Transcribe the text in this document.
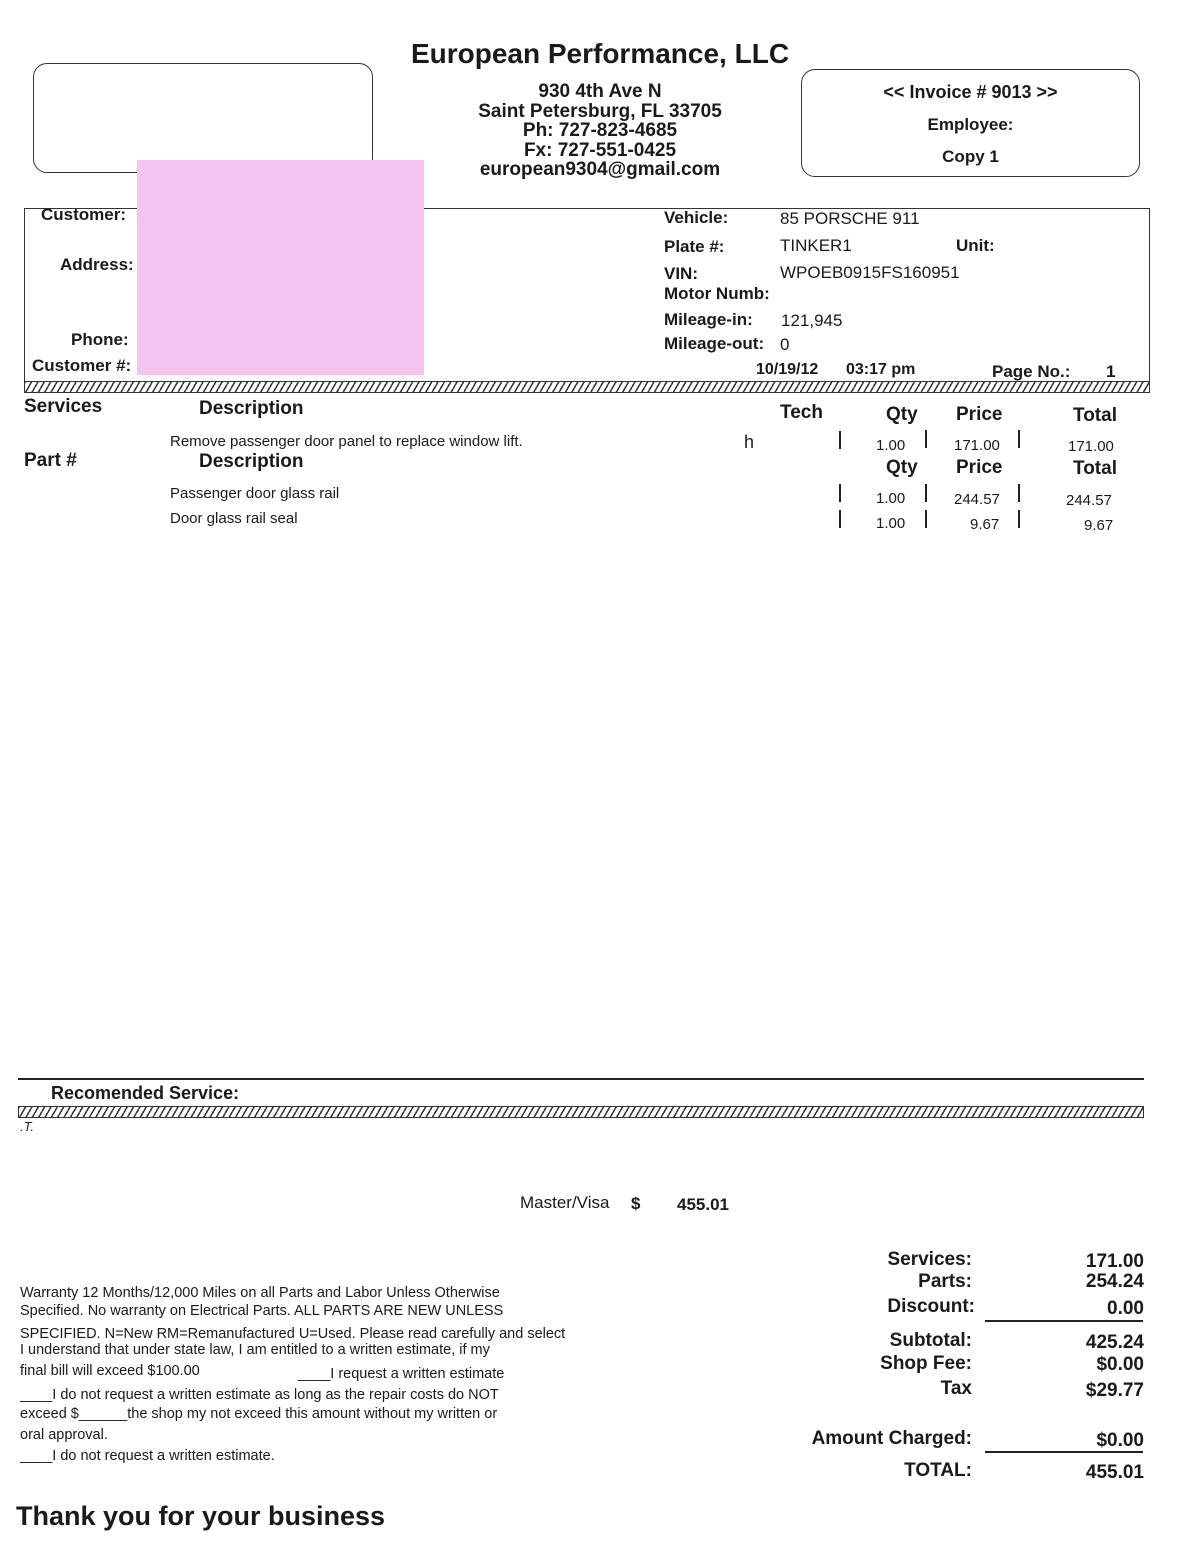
European Performance, LLC
930 4th Ave N
Saint Petersburg, FL 33705
Ph: 727-823-4685
Fx: 727-551-0425
european9304@gmail.com
<< Invoice # 9013 >>
Employee:
Copy 1
Customer:
Address:
Phone:
Customer #:
Vehicle:	85 PORSCHE 911
Plate #:	TINKER1	Unit:
VIN:	WPOEB0915FS160951
Motor Numb:
Mileage-in: 121,945
Mileage-out: 0
10/19/12 03:17 pm	Page No.: 1
Services	Description	Tech	Qty Price	Total
Remove passenger door panel to replace window lift.	h	1.00	171.00	171.00
Part #	Description	Qty Price	Total
Passenger door glass rail	1.00	244.57	244.57
Door glass rail seal	1.00	9.67	9.67
Recomended Service:
.T.
Master/Visa $ 455.01
Warranty 12 Months/12,000 Miles on all Parts and Labor Unless Otherwise
Specified. No warranty on Electrical Parts. ALL PARTS ARE NEW UNLESS
SPECIFIED. N=New RM=Remanufactured U=Used. Please read carefully and select
I understand that under state law, I am entitled to a written estimate, if my
final bill will exceed $100.00	____I request a written estimate
____I do not request a written estimate as long as the repair costs do NOT
exceed $______the shop my not exceed this amount without my written or
oral approval.
____I do not request a written estimate.
Services:	171.00
Parts:	254.24
Discount:	0.00
Subtotal:	425.24
Shop Fee:	$0.00
Tax	$29.77
Amount Charged:	$0.00
TOTAL:	455.01
Thank you for your business
